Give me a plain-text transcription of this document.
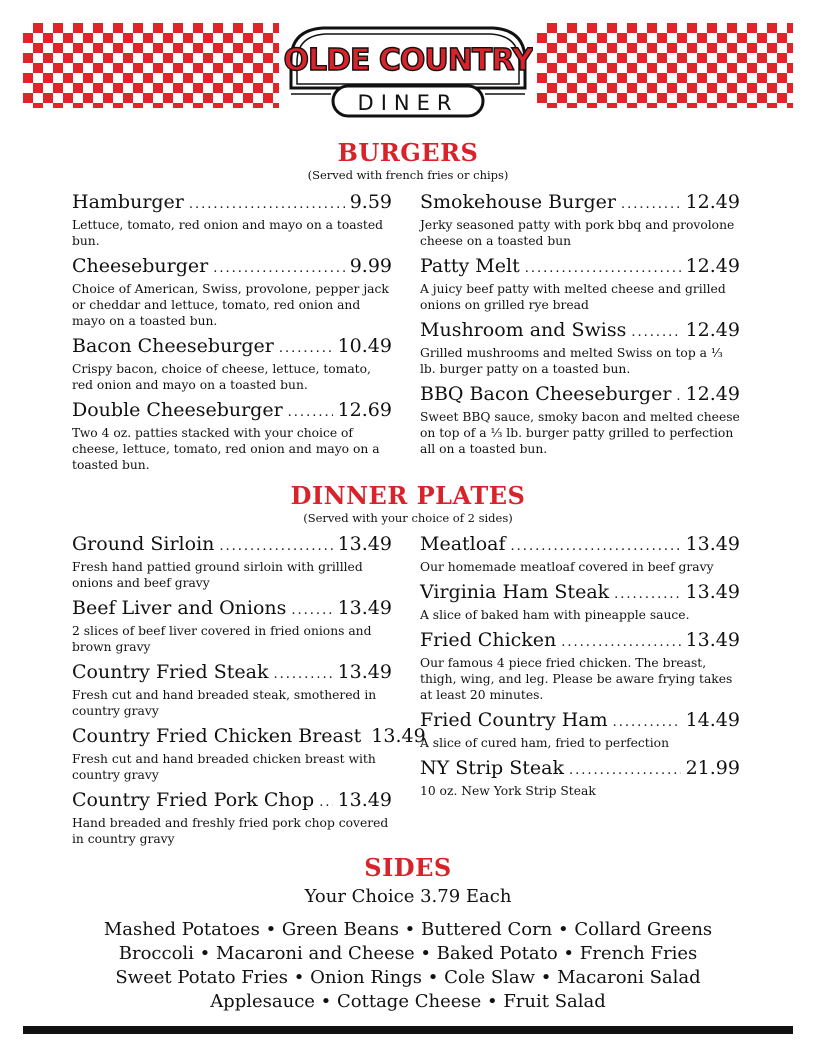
OLDE COUNTRY
DINER
BURGERS
(Served with french fries or chips)
Hamburger .....	9.59
Lettuce, tomato, red onion and mayo on a toasted bun.
Cheeseburger .....	9.99
Choice of American, Swiss, provolone, pepper jack or cheddar and lettuce, tomato, red onion and mayo on a toasted bun.
Bacon Cheeseburger .....	10.49
Crispy bacon, choice of cheese, lettuce, tomato, red onion and mayo on a toasted bun.
Double Cheeseburger .....	12.69
Two 4 oz. patties stacked with your choice of cheese, lettuce, tomato, red onion and mayo on a toasted bun.
Smokehouse Burger .....	12.49
Jerky seasoned patty with pork bbq and provolone cheese on a toasted bun
Patty Melt .....	12.49
A juicy beef patty with melted cheese and grilled onions on grilled rye bread
Mushroom and Swiss .....	12.49
Grilled mushrooms and melted Swiss on top a ⅓ lb. burger patty on a toasted bun.
BBQ Bacon Cheeseburger ..... 12.49
Sweet BBQ sauce, smoky bacon and melted cheese on top of a ⅓ lb. burger patty grilled to perfection all on a toasted bun.
DINNER PLATES
(Served with your choice of 2 sides)
Ground Sirloin .....	13.49
Fresh hand pattied ground sirloin with grillled onions and beef gravy
Beef Liver and Onions .....	13.49
2 slices of beef liver covered in fried onions and brown gravy
Country Fried Steak .....	13.49
Fresh cut and hand breaded steak, smothered in country gravy
Country Fried Chicken Breast 13.49
Fresh cut and hand breaded chicken breast with country gravy
Country Fried Pork Chop ..... 13.49
Hand breaded and freshly fried pork chop covered in country gravy
Meatloaf .....	13.49
Our homemade meatloaf covered in beef gravy
Virginia Ham Steak .....	13.49
A slice of baked ham with pineapple sauce.
Fried Chicken .....	13.49
Our famous 4 piece fried chicken. The breast, thigh, wing, and leg. Please be aware frying takes at least 20 minutes.
Fried Country Ham .....	14.49
A slice of cured ham, fried to perfection
NY Strip Steak .....	21.99
10 oz. New York Strip Steak
SIDES
Your Choice 3.79 Each
Mashed Potatoes • Green Beans • Buttered Corn • Collard Greens
Broccoli • Macaroni and Cheese • Baked Potato • French Fries
Sweet Potato Fries • Onion Rings • Cole Slaw • Macaroni Salad
Applesauce • Cottage Cheese • Fruit Salad
